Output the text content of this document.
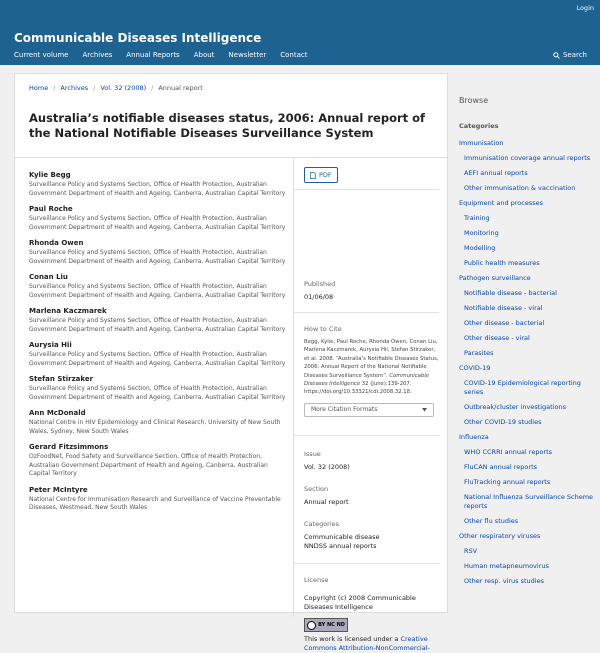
Login
Communicable Diseases Intelligence
Current volume Archives Annual Reports About Newsletter Contact	Search
Home / Archives / Vol. 32 (2008) / Annual report
Australia’s notifiable diseases status, 2006: Annual report of the National Notifiable Diseases Surveillance System
Kylie Begg
Surveillance Policy and Systems Section, Office of Health Protection, Australian Government Department of Health and Ageing, Canberra, Australian Capital Territory
Paul Roche
Surveillance Policy and Systems Section, Office of Health Protection, Australian Government Department of Health and Ageing, Canberra, Australian Capital Territory
Rhonda Owen
Surveillance Policy and Systems Section, Office of Health Protection, Australian Government Department of Health and Ageing, Canberra, Australian Capital Territory
Conan Liu
Surveillance Policy and Systems Section, Office of Health Protection, Australian Government Department of Health and Ageing, Canberra, Australian Capital Territory
Marlena Kaczmarek
Surveillance Policy and Systems Section, Office of Health Protection, Australian Government Department of Health and Ageing, Canberra, Australian Capital Territory
Aurysia Hii
Surveillance Policy and Systems Section, Office of Health Protection, Australian Government Department of Health and Ageing, Canberra, Australian Capital Territory
Stefan Stirzaker
Surveillance Policy and Systems Section, Office of Health Protection, Australian Government Department of Health and Ageing, Canberra, Australian Capital Territory
Ann McDonald
National Centre in HIV Epidemiology and Clinical Research, University of New South Wales, Sydney, New South Wales
Gerard Fitzsimmons
OzFoodNet, Food Safety and Surveillance Section, Office of Health Protection, Australian Government Department of Health and Ageing, Canberra, Australian Capital Territory
Peter McIntyre
National Centre for Immunisation Research and Surveillance of Vaccine Preventable Diseases, Westmead, New South Wales
PDF
Published
01/06/08
How to Cite
Begg, Kylie, Paul Roche, Rhonda Owen, Conan Liu, Marlena Kaczmarek, Aurysia Hii, Stefan Stirzaker, et al. 2008. “Australia’s Notifiable Diseases Status, 2006: Annual Report of the National Notifiable Diseases Surveillance System”. Communicable Diseases Intelligence 32 (June):139-207. https://doi.org/10.33321/cdi.2008.32.18.
More Citation Formats
Issue
Vol. 32 (2008)
Section
Annual report
Categories
Communicable disease
NNDSS annual reports
License
Copyright (c) 2008 Communicable Diseases Intelligence
BY NC ND
This work is licensed under a Creative Commons Attribution-NonCommercial-
Browse
Categories
Immunisation
Immunisation coverage annual reports
AEFI annual reports
Other immunisation & vaccination
Equipment and processes
Training
Monitoring
Modelling
Public health measures
Pathogen surveillance
Notifiable disease - bacterial
Notifiable disease - viral
Other disease - bacterial
Other disease - viral
Parasites
COVID-19
COVID-19 Epidemiological reporting series
Outbreak/cluster investigations
Other COVID-19 studies
Influenza
WHO CCRRI annual reports
FluCAN annual reports
FluTracking annual reports
National Influenza Surveillance Scheme reports
Other flu studies
Other respiratory viruses
RSV
Human metapneumovirus
Other resp. virus studies
